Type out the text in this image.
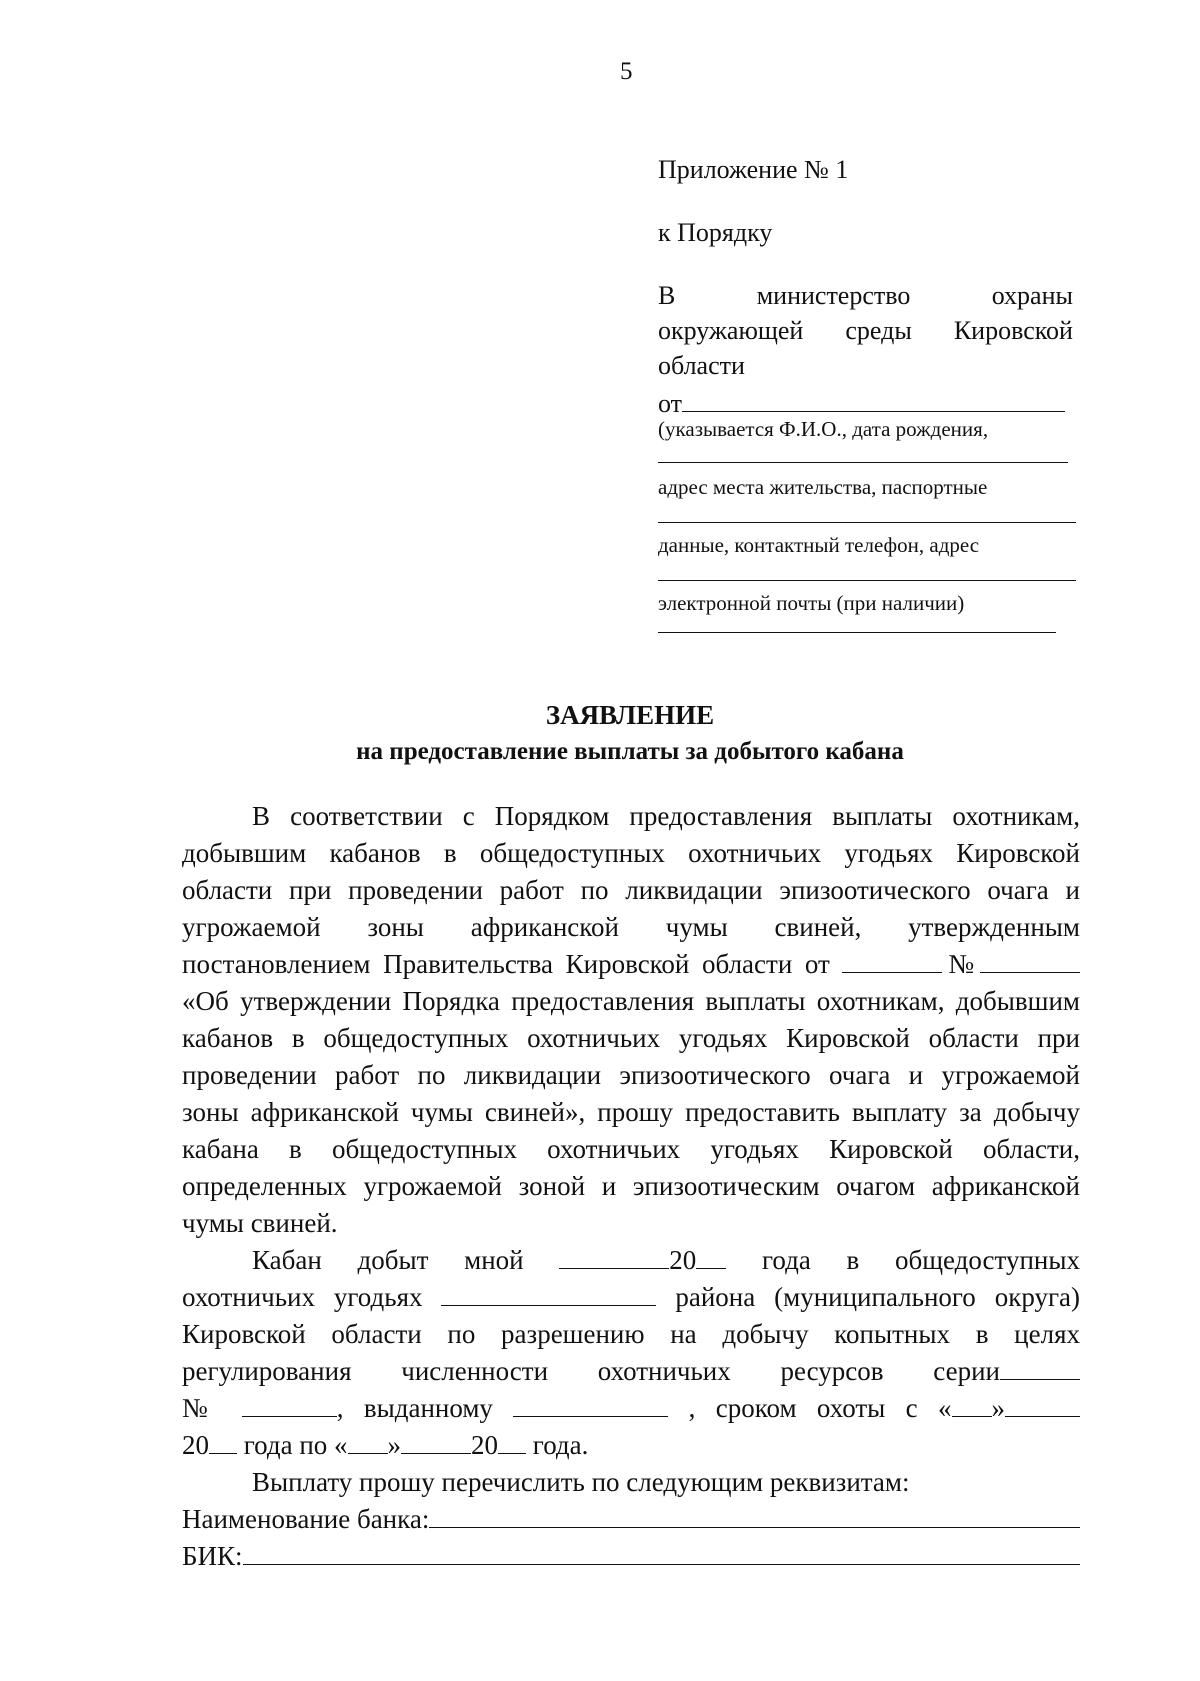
5
Приложение № 1
к Порядку
В	министерство	охраны
окружающей среды Кировской
области
от
(указывается Ф.И.О., дата рождения,
адрес места жительства, паспортные
данные, контактный телефон, адрес
электронной почты (при наличии)
ЗАЯВЛЕНИЕ
на предоставление выплаты за добытого кабана
В соответствии с Порядком предоставления выплаты охотникам,
добывшим кабанов в общедоступных охотничьих угодьях Кировской
области при проведении работ по ликвидации эпизоотического очага и
угрожаемой зоны африканской чумы свиней, утвержденным
постановлением Правительства Кировской области от	№
«Об утверждении Порядка предоставления выплаты охотникам, добывшим
кабанов в общедоступных охотничьих угодьях Кировской области при
проведении работ по ликвидации эпизоотического очага и угрожаемой
зоны африканской чумы свиней», прошу предоставить выплату за добычу
кабана в общедоступных охотничьих угодьях Кировской области,
определенных угрожаемой зоной и эпизоотическим очагом африканской
чумы свиней.
Кабан добыт мной	20 года в общедоступных
охотничьих угодьях	района (муниципального округа)
Кировской области по разрешению на добычу копытных в целях
регулирования численности охотничьих ресурсов серии
№	, выданному	, сроком охоты с « »
20 года по « »	20 года.
Выплату прошу перечислить по следующим реквизитам:
Наименование банка:
БИК:
